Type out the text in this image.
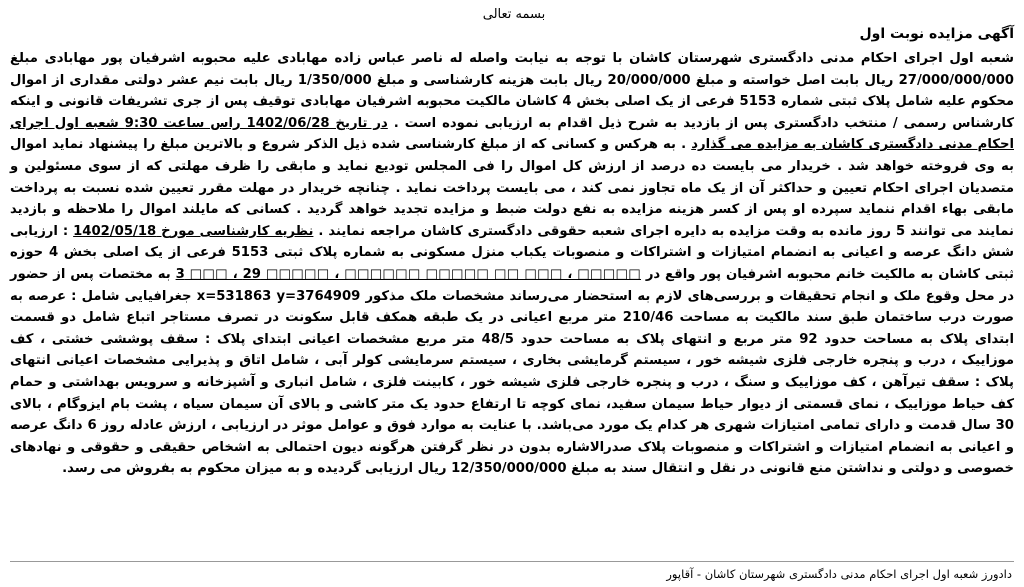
بسمه تعالی
آگهی مزایده نوبت اول
شعبه اول اجرای احکام مدنی دادگستری شهرستان کاشان با توجه به نیابت واصله له ناصر عباس زاده مهابادی علیه محبوبه اشرفیان پور مهابادی مبلغ 27/000/000/000 ریال بابت اصل خواسته و مبلغ 20/000/000 ریال بابت هزینه کارشناسی و مبلغ 1/350/000 ریال بابت نیم عشر دولتی مقداری از اموال محکوم علیه شامل پلاک ثبتی شماره 5153 فرعی از یک اصلی بخش 4 کاشان مالکیت محبوبه اشرفیان مهابادی توقیف پس از جری تشریفات قانونی و اینکه کارشناس رسمی / منتخب دادگستری پس از بازدید به شرح ذیل اقدام به ارزیابی نموده است . در تاریخ 1402/06/28 راس ساعت 9:30 شعبه اول اجرای احکام مدنی دادگستری کاشان به مزایده می گذارد . به هرکس و کسانی که از مبلغ کارشناسی شده ذیل الذکر شروع و بالاترین مبلغ را پیشنهاد نماید اموال به وی فروخته خواهد شد . خریدار می بایست ده درصد از ارزش کل اموال را فی المجلس تودیع نماید و مابقی را ظرف مهلتی که از سوی مسئولین و متصدیان اجرای احکام تعیین و حداکثر آن از یک ماه تجاوز نمی کند ، می بایست پرداخت نماید . چنانچه خریدار در مهلت مقرر تعیین شده نسبت به پرداخت مابقی بهاء اقدام ننماید سپرده او پس از کسر هزینه مزایده به نفع دولت ضبط و مزایده تجدید خواهد گردید . کسانی که مایلند اموال را ملاحظه و بازدید نمایند می توانند 5 روز مانده به وقت مزایده به دایره اجرای شعبه حقوقی دادگستری کاشان مراجعه نمایند . نظریه کارشناسی مورخ 1402/05/18 : ارزیابی شش دانگ عرصه و اعیانی به انضمام امتیازات و اشتراکات و منصوبات یکباب منزل مسکونی به شماره پلاک ثبتی 5153 فرعی از یک اصلی بخش 4 حوزه ثبتی کاشان به مالکیت خانم محبوبه اشرفیان پور واقع در □□□□□ ، □□□ □□ □□□□□ □□□□□□ ، □□□□□ 29 ، □□□ 3 به مختصات پس از حضور در محل وقوع ملک و انجام تحقیقات و بررسی‌های لازم به استحضار می‌رساند مشخصات ملک مذکور x=531863 y=3764909 جغرافیایی شامل : عرصه به صورت درب ساختمان طبق سند مالکیت به مساحت 210/46 متر مربع اعیانی در یک طبقه همکف قابل سکونت در تصرف مستاجر اتباع شامل دو قسمت ابتدای پلاک به مساحت حدود 92 متر مربع و انتهای پلاک به مساحت حدود 48/5 متر مربع مشخصات اعیانی ابتدای پلاک : سقف پوششی خشتی ، کف موزاییک ، درب و پنجره خارجی فلزی شیشه خور ، سیستم گرمایشی بخاری ، سیستم سرمایشی کولر آبی ، شامل اتاق و پذیرایی مشخصات اعیانی انتهای پلاک : سقف تیرآهن ، کف موزاییک و سنگ ، درب و پنجره خارجی فلزی شیشه خور ، کابینت فلزی ، شامل انباری و آشپزخانه و سرویس بهداشتی و حمام کف حیاط موزاییک ، نمای قسمتی از دیوار حیاط سیمان سفید، نمای کوچه تا ارتفاع حدود یک متر کاشی و بالای آن سیمان سیاه ، پشت بام ایزوگام ، بالای 30 سال قدمت و دارای تمامی امتیازات شهری هر کدام یک مورد می‌باشد. با عنایت به موارد فوق و عوامل موثر در ارزیابی ، ارزش عادله روز 6 دانگ عرصه و اعیانی به انضمام امتیازات و اشتراکات و منصوبات پلاک صدرالاشاره بدون در نظر گرفتن هرگونه دیون احتمالی به اشخاص حقیقی و حقوقی و نهادهای خصوصی و دولتی و نداشتن منع قانونی در نقل و انتقال سند به مبلغ 12/350/000/000 ریال ارزیابی گردیده و به میزان محکوم به بفروش می رسد.
دادورز شعبه اول اجرای احکام مدنی دادگستری شهرستان کاشان - آقاپور
